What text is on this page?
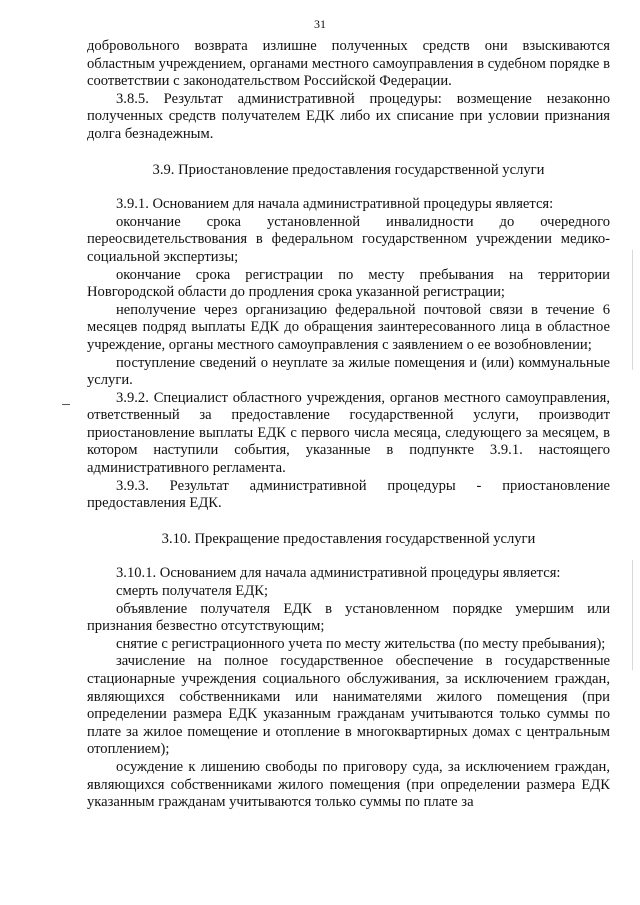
31

добровольного возврата излишне полученных средств они взыскиваются областным учреждением, органами местного самоуправления в судебном порядке в соответствии с законодательством Российской Федерации.

3.8.5. Результат административной процедуры: возмещение незаконно полученных средств получателем ЕДК либо их списание при условии признания долга безнадежным.

3.9. Приостановление предоставления государственной услуги

3.9.1. Основанием для начала административной процедуры является:

окончание срока установленной инвалидности до очередного переосвидетельствования в федеральном государственном учреждении медико-социальной экспертизы;

окончание срока регистрации по месту пребывания на территории Новгородской области до продления срока указанной регистрации;

неполучение через организацию федеральной почтовой связи в течение 6 месяцев подряд выплаты ЕДК до обращения заинтересованного лица в областное учреждение, органы местного самоуправления с заявлением о ее возобновлении;

поступление сведений о неуплате за жилые помещения и (или) коммунальные услуги.

3.9.2. Специалист областного учреждения, органов местного самоуправления, ответственный за предоставление государственной услуги, производит приостановление выплаты ЕДК с первого числа месяца, следующего за месяцем, в котором наступили события, указанные в подпункте 3.9.1. настоящего административного регламента.

3.9.3. Результат административной процедуры - приостановление предоставления ЕДК.

3.10. Прекращение предоставления государственной услуги

3.10.1. Основанием для начала административной процедуры является:

смерть получателя ЕДК;

объявление получателя ЕДК в установленном порядке умершим или признания безвестно отсутствующим;

снятие с регистрационного учета по месту жительства (по месту пребывания);

зачисление на полное государственное обеспечение в государственные стационарные учреждения социального обслуживания, за исключением граждан, являющихся собственниками или нанимателями жилого помещения (при определении размера ЕДК указанным гражданам учитываются только суммы по плате за жилое помещение и отопление в многоквартирных домах с центральным отоплением);

осуждение к лишению свободы по приговору суда, за исключением граждан, являющихся собственниками жилого помещения (при определении размера ЕДК указанным гражданам учитываются только суммы по плате за
